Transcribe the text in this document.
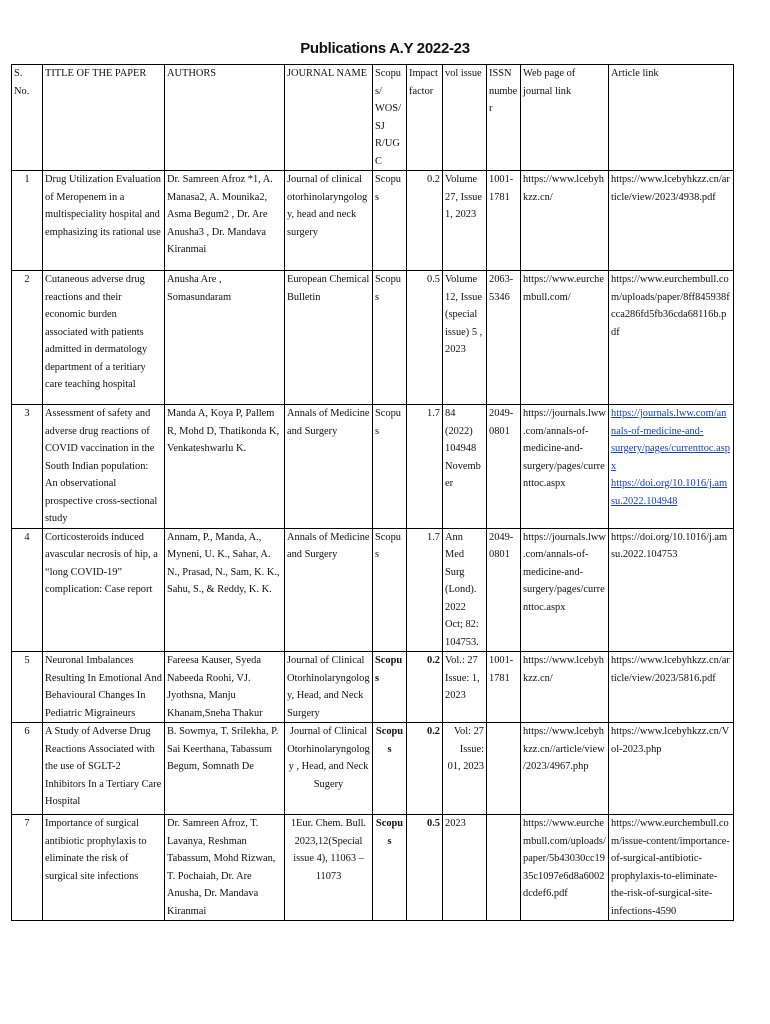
Publications A.Y 2022-23
S. No.	TITLE OF THE PAPER	AUTHORS	JOURNAL NAME	Scopus/ WOS/SJ R/UGC	Impact factor	vol issue	ISSN number	Web page of journal link	Article link
1	Drug Utilization Evaluation of Meropenem in a multispeciality hospital and emphasizing its rational use	Dr. Samreen Afroz *1, A. Manasa2, A. Mounika2, Asma Begum2 , Dr. Are Anusha3 , Dr. Mandava Kiranmai	Journal of clinical otorhinolaryngology, head and neck surgery	Scopus	0.2	Volume 27, Issue 1, 2023	1001-1781	https://www.lcebyhkzz.cn/	https://www.lcebyhkzz.cn/article/view/2023/4938.pdf
2	Cutaneous adverse drug reactions and their economic burden associated with patients admitted in dermatology department of a teritiary care teaching hospital	Anusha Are , Somasundaram	European Chemical Bulletin	Scopus	0.5	Volume 12, Issue (special issue) 5 , 2023	2063-5346	https://www.eurchembull.com/	https://www.eurchembull.com/uploads/paper/8ff845938fcca286fd5fb36cda68116b.pdf
3	Assessment of safety and adverse drug reactions of COVID vaccination in the South Indian population: An observational prospective cross-sectional study	Manda A, Koya P, Pallem R, Mohd D, Thatikonda K, Venkateshwarlu K.	Annals of Medicine and Surgery	Scopus	1.7	84 (2022) 104948 November	2049-0801	https://journals.lww.com/annals-of-medicine-and-surgery/pages/currenttoc.aspx	https://journals.lww.com/annals-of-medicine-and-surgery/pages/currenttoc.aspx https://doi.org/10.1016/j.amsu.2022.104948
4	Corticosteroids induced avascular necrosis of hip, a “long COVID-19” complication: Case report	Annam, P., Manda, A., Myneni, U. K., Sahar, A. N., Prasad, N., Sam, K. K., Sahu, S., & Reddy, K. K.	Annals of Medicine and Surgery	Scopus	1.7	Ann Med Surg (Lond). 2022 Oct; 82: 104753.	2049-0801	https://journals.lww.com/annals-of-medicine-and-surgery/pages/currenttoc.aspx	https://doi.org/10.1016/j.amsu.2022.104753
5	Neuronal Imbalances Resulting In Emotional And Behavioural Changes In Pediatric Migraineurs	Fareesa Kauser, Syeda Nabeeda Roohi, VJ. Jyothsna, Manju Khanam,Sneha Thakur	Journal of Clinical Otorhinolaryngology, Head, and Neck Surgery	Scopus	0.2	Vol.: 27 Issue: 1, 2023	1001-1781	https://www.lcebyhkzz.cn/	https://www.lcebyhkzz.cn/article/view/2023/5816.pdf
6	A Study of Adverse Drug Reactions Associated with the use of SGLT-2 Inhibitors In a Tertiary Care Hospital	B. Sowmya, T. Srilekha, P. Sai Keerthana, Tabassum Begum, Somnath De	Journal of Clinical Otorhinolaryngology , Head, and Neck Sugery	Scopus	0.2	Vol: 27 Issue: 01, 2023		https://www.lcebyhkzz.cn//article/view/2023/4967.php	https://www.lcebyhkzz.cn/Vol-2023.php
7	Importance of surgical antibiotic prophylaxis to eliminate the risk of surgical site infections	Dr. Samreen Afroz, T. Lavanya, Reshman Tabassum, Mohd Rizwan, T. Pochaiah, Dr. Are Anusha, Dr. Mandava Kiranmai	1Eur. Chem. Bull. 2023,12(Special issue 4), 11063 – 11073	Scopus	0.5	2023		https://www.eurchembull.com/uploads/paper/5b43030cc1935c1097e6d8a6002dcdef6.pdf	https://www.eurchembull.com/issue-content/importance-of-surgical-antibiotic-prophylaxis-to-eliminate-the-risk-of-surgical-site-infections-4590
